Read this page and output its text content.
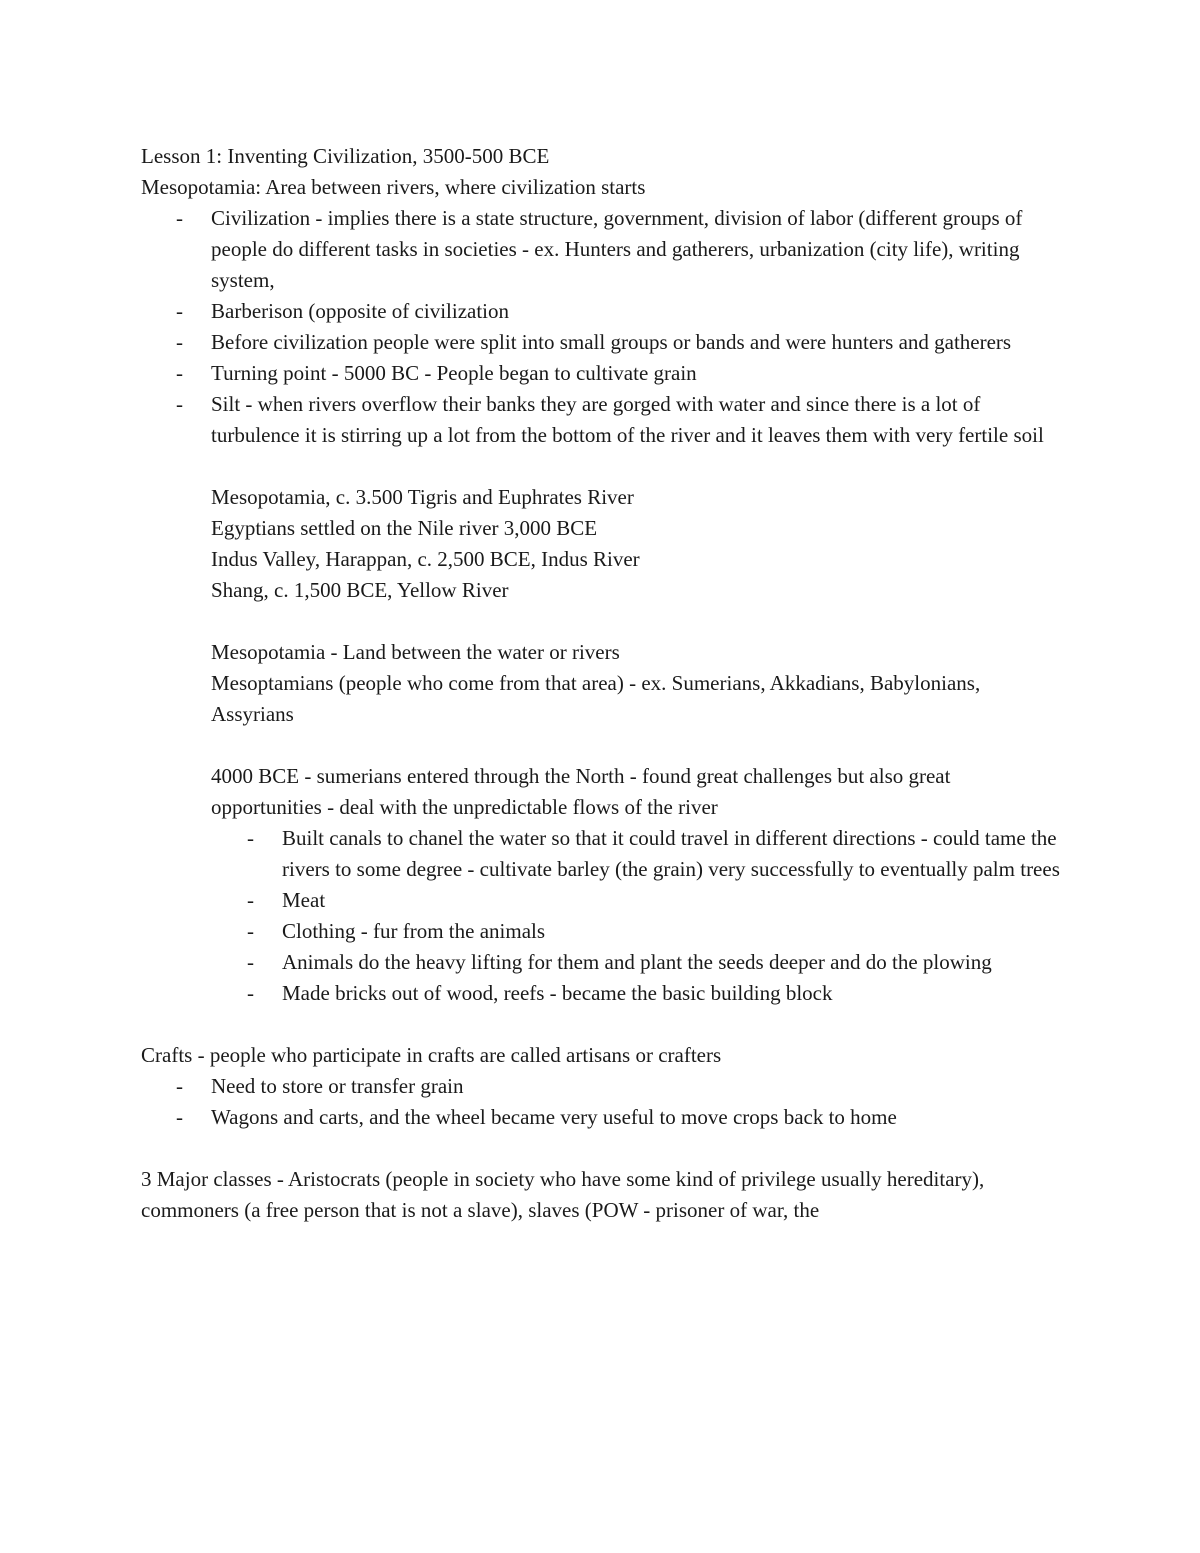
Lesson 1: Inventing Civilization, 3500-500 BCE

Mesopotamia: Area between rivers, where civilization starts

- Civilization - implies there is a state structure, government, division of labor (different groups of people do different tasks in societies - ex. Hunters and gatherers, urbanization (city life), writing system,
- Barberison (opposite of civilization
- Before civilization people were split into small groups or bands and were hunters and gatherers
- Turning point - 5000 BC - People began to cultivate grain
- Silt - when rivers overflow their banks they are gorged with water and since there is a lot of turbulence it is stirring up a lot from the bottom of the river and it leaves them with very fertile soil

Mesopotamia, c. 3.500 Tigris and Euphrates River

Egyptians settled on the Nile river 3,000 BCE

Indus Valley, Harappan, c. 2,500 BCE, Indus River

Shang, c. 1,500 BCE, Yellow River

Mesopotamia - Land between the water or rivers

Mesoptamians (people who come from that area) - ex. Sumerians, Akkadians, Babylonians, Assyrians

4000 BCE - sumerians entered through the North - found great challenges but also great opportunities - deal with the unpredictable flows of the river

- Built canals to chanel the water so that it could travel in different directions - could tame the rivers to some degree - cultivate barley (the grain) very successfully to eventually palm trees
- Meat
- Clothing - fur from the animals
- Animals do the heavy lifting for them and plant the seeds deeper and do the plowing
- Made bricks out of wood, reefs - became the basic building block

Crafts - people who participate in crafts are called artisans or crafters

- Need to store or transfer grain
- Wagons and carts, and the wheel became very useful to move crops back to home

3 Major classes - Aristocrats (people in society who have some kind of privilege usually hereditary), commoners (a free person that is not a slave), slaves (POW - prisoner of war, the
